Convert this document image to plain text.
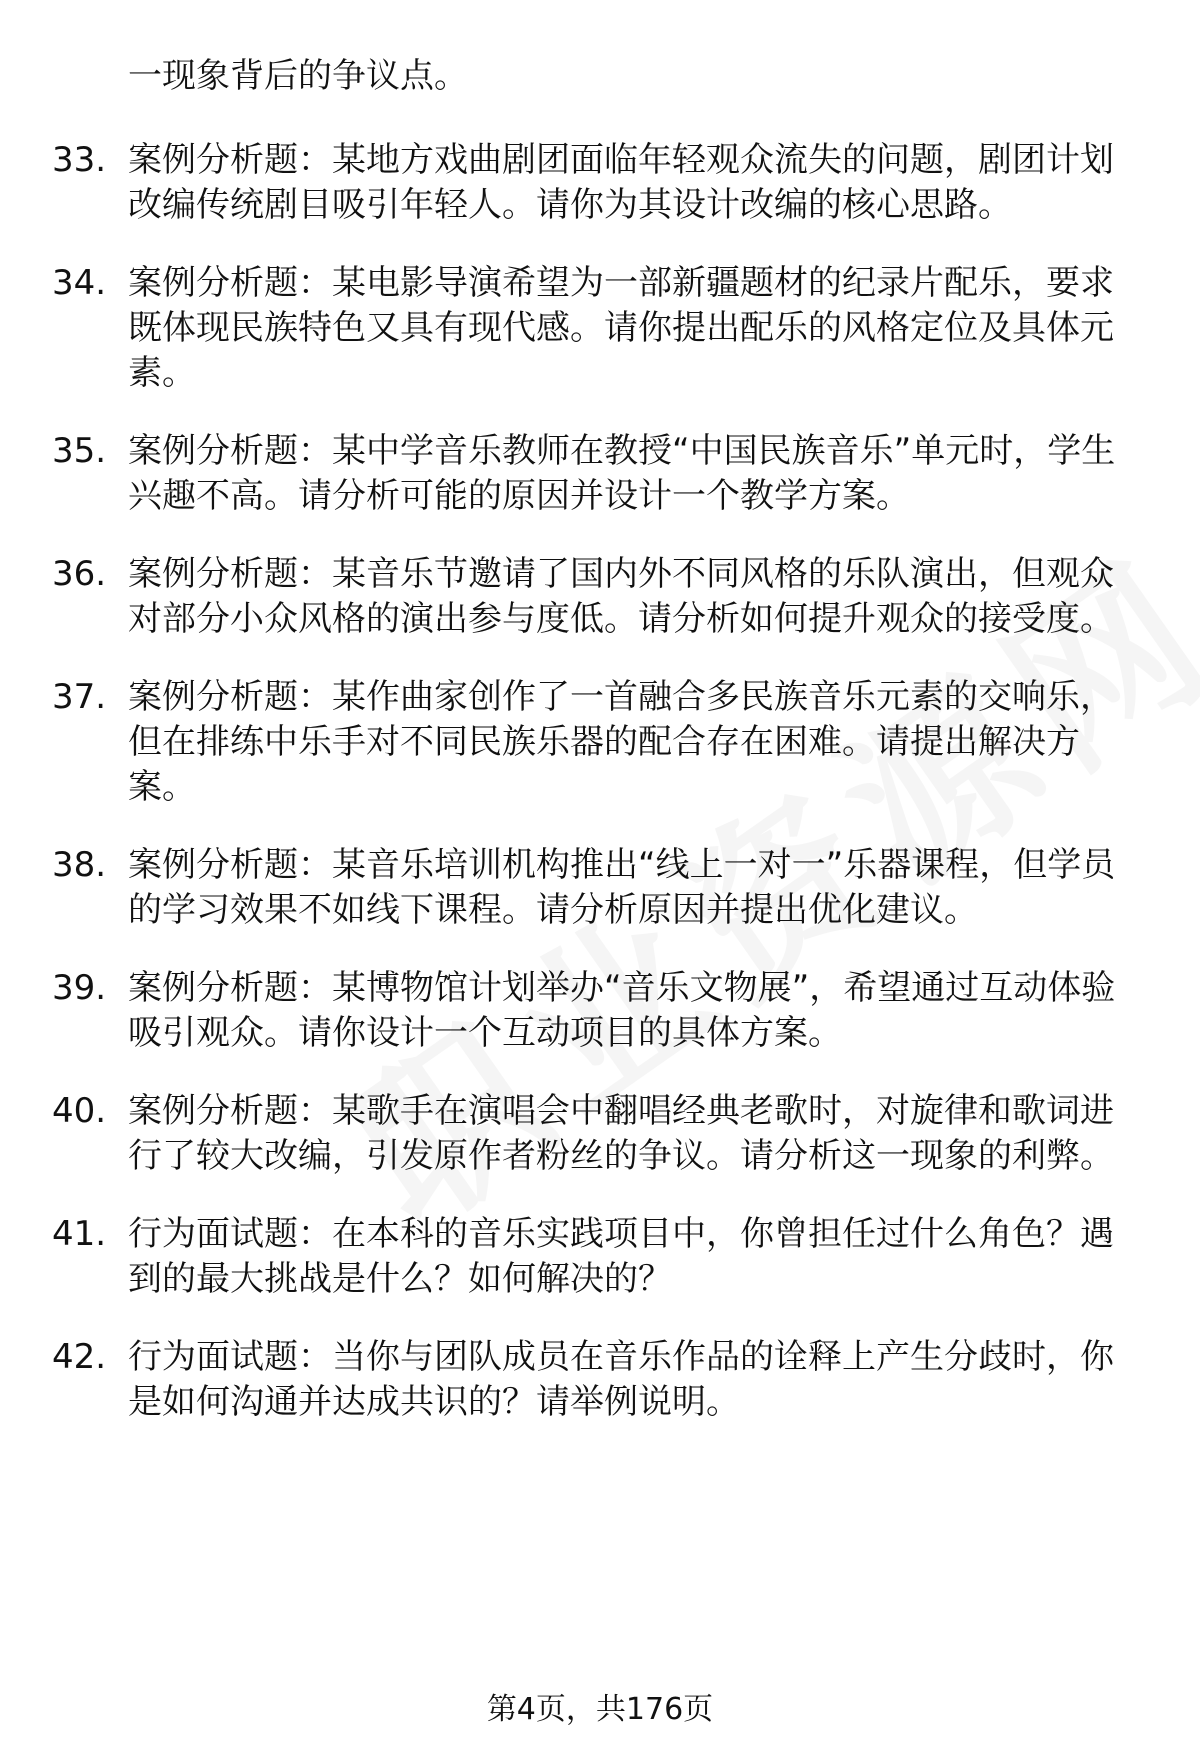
一现象背后的争议点。
33. 案例分析题：某地方戏曲剧团面临年轻观众流失的问题，剧团计划改编传统剧目吸引年轻人。请你为其设计改编的核心思路。
34. 案例分析题：某电影导演希望为一部新疆题材的纪录片配乐，要求既体现民族特色又具有现代感。请你提出配乐的风格定位及具体元素。
35. 案例分析题：某中学音乐教师在教授“中国民族音乐”单元时，学生兴趣不高。请分析可能的原因并设计一个教学方案。
36. 案例分析题：某音乐节邀请了国内外不同风格的乐队演出，但观众对部分小众风格的演出参与度低。请分析如何提升观众的接受度。
37. 案例分析题：某作曲家创作了一首融合多民族音乐元素的交响乐，但在排练中乐手对不同民族乐器的配合存在困难。请提出解决方案。
38. 案例分析题：某音乐培训机构推出“线上一对一”乐器课程，但学员的学习效果不如线下课程。请分析原因并提出优化建议。
39. 案例分析题：某博物馆计划举办“音乐文物展”，希望通过互动体验吸引观众。请你设计一个互动项目的具体方案。
40. 案例分析题：某歌手在演唱会中翻唱经典老歌时，对旋律和歌词进行了较大改编，引发原作者粉丝的争议。请分析这一现象的利弊。
41. 行为面试题：在本科的音乐实践项目中，你曾担任过什么角色？遇到的最大挑战是什么？如何解决的？
42. 行为面试题：当你与团队成员在音乐作品的诠释上产生分歧时，你是如何沟通并达成共识的？请举例说明。
第4页，共176页
